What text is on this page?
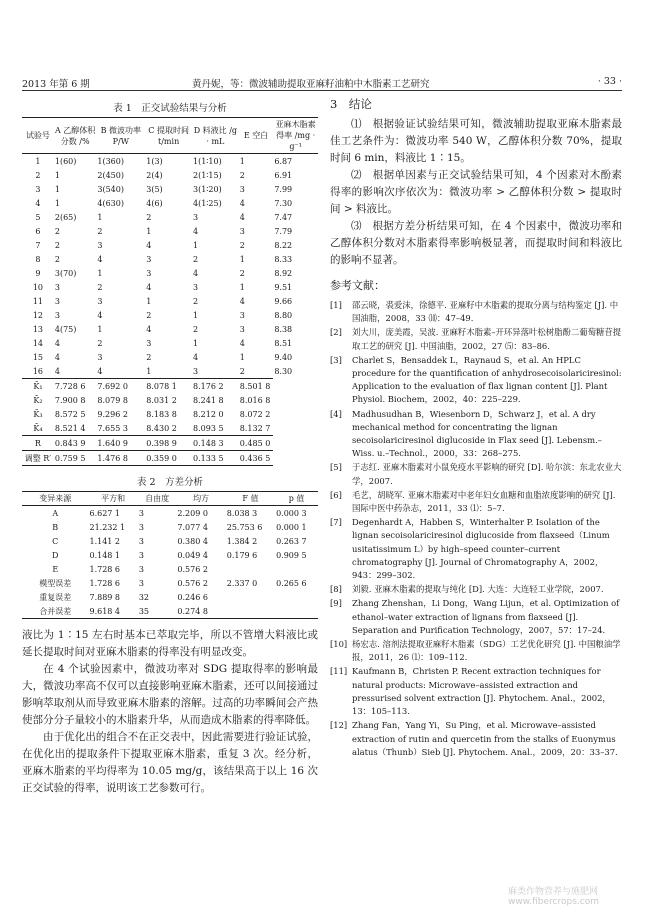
2013 年第 6 期	黄丹妮，等：微波辅助提取亚麻籽油粕中木脂素工艺研究	· 33 ·
表 1　正交试验结果与分析
试验号	A 乙醇体积分数 /%	B 微波功率 P/W	C 提取时间 t/min	D 料液比 /g · mL	E 空白	亚麻木脂素得率 /mg · g⁻¹
1	1(60)	1(360)	1(3)	1(1∶10)	1	6.87
2	1	2(450)	2(4)	2(1∶15)	2	6.91
3	1	3(540)	3(5)	3(1∶20)	3	7.99
4	1	4(630)	4(6)	4(1∶25)	4	7.30
5	2(65)	1	2	3	4	7.47
6	2	2	1	4	3	7.79
7	2	3	4	1	2	8.22
8	2	4	3	2	1	8.33
9	3(70)	1	3	4	2	8.92
10	3	2	4	3	1	9.51
11	3	3	1	2	4	9.66
12	3	4	2	1	3	8.80
13	4(75)	1	4	2	3	8.38
14	4	2	3	1	4	8.51
15	4	3	2	4	1	9.40
16	4	4	1	3	2	8.30
K̄₁	7.728 6	7.692 0	8.078 1	8.176 2	8.501 8	
K̄₂	7.900 8	8.079 8	8.031 2	8.241 8	8.016 8	
K̄₃	8.572 5	9.296 2	8.183 8	8.212 0	8.072 2	
K̄₄	8.521 4	7.655 3	8.430 2	8.093 5	8.132 7	
R	0.843 9	1.640 9	0.398 9	0.148 3	0.485 0	
调整 R′	0.759 5	1.476 8	0.359 0	0.133 5	0.436 5	
表 2　方差分析
变异来源	平方和	自由度	均方	F 值	p 值
A	6.627 1	3	2.209 0	8.038 3	0.000 3
B	21.232 1	3	7.077 4	25.753 6	0.000 1
C	1.141 2	3	0.380 4	1.384 2	0.263 7
D	0.148 1	3	0.049 4	0.179 6	0.909 5
E	1.728 6	3	0.576 2		
模型误差	1.728 6	3	0.576 2	2.337 0	0.265 6
重复误差	7.889 8	32	0.246 6		
合并误差	9.618 4	35	0.274 8		

液比为 1∶15 左右时基本已萃取完毕，所以不管增大料液比或延长提取时间对亚麻木脂素的得率没有明显改变。

在 4 个试验因素中，微波功率对 SDG 提取得率的影响最大，微波功率高不仅可以直接影响亚麻木脂素，还可以间接通过影响萃取剂从而导致亚麻木脂素的溶解。过高的功率瞬间会产热使部分分子量较小的木脂素升华，从而造成木脂素的得率降低。

由于优化出的组合不在正交表中，因此需要进行验证试验，在优化出的提取条件下提取亚麻木脂素，重复 3 次。经分析，亚麻木脂素的平均得率为 10.05 mg/g，该结果高于以上 16 次正交试验的得率，说明该工艺参数可行。

3　结论

⑴　根据验证试验结果可知，微波辅助提取亚麻木脂素最佳工艺条件为：微波功率 540 W，乙醇体积分数 70%，提取时间 6 min，料液比 1∶15。

⑵　根据单因素与正交试验结果可知，4 个因素对木酚素得率的影响次序依次为：微波功率 > 乙醇体积分数 > 提取时间 > 料液比。

⑶　根据方差分析结果可知，在 4 个因素中，微波功率和乙醇体积分数对木脂素得率影响极显著，而提取时间和料液比的影响不显著。

参考文献：
[1]	邵云晓，裘爱沫，徐德平. 亚麻籽中木脂素的提取分离与结构鉴定 [J]. 中国油脂，2008，33 ⑽：47–49.
[2]	刘大川，庞美霞，吴波. 亚麻籽木脂素–开环异落叶松树脂酚二葡萄糖苷提取工艺的研究 [J]. 中国油脂，2002，27 ⑸：83–86.
[3]	Charlet S，Bensaddek L，Raynaud S，et al. An HPLC procedure for the quantification of anhydrosecoisolariciresinol: Application to the evaluation of flax lignan content [J]. Plant Physiol. Biochem，2002，40：225–229.
[4]	Madhusudhan B，Wiesenborn D，Schwarz J，et al. A dry mechanical method for concentrating the lignan secoisolariciresinol diglucoside in Flax seed [J]. Lebensm.–Wiss. u.–Technol.，2000，33：268–275.
[5]	于志红. 亚麻木脂素对小鼠免疫水平影响的研究 [D]. 哈尔滨：东北农业大学，2007.
[6]	毛艺，胡晓军. 亚麻木脂素对中老年妇女血糖和血脂浓度影响的研究 [J]. 国际中医中药杂志，2011，33 ⑴：5–7.
[7]	Degenhardt A，Habben S，Winterhalter P. Isolation of the lignan secoisolariciresinol diglucoside from flaxseed（Linum usitatissimum L）by high–speed counter–current chromatography [J]. Journal of Chromatography A，2002，943：299–302.
[8]	刘毅. 亚麻木脂素的提取与纯化 [D]. 大连：大连轻工业学院，2007.
[9]	Zhang Zhenshan，Li Dong，Wang Lijun，et al. Optimization of ethanol–water extraction of lignans from flaxseed [J]. Separation and Purification Technology，2007，57：17–24.
[10] 杨宏志. 溶剂法提取亚麻籽木脂素（SDG）工艺优化研究 [J]. 中国粮油学报，2011，26 ⑴：109–112.
[11] Kaufmann B，Christen P. Recent extraction techniques for natural products: Microwave–assisted extraction and pressurised solvent extraction [J]. Phytochem. Anal.，2002，13：105–113.
[12] Zhang Fan，Yang Yi，Su Ping，et al. Microwave–assisted extraction of rutin and quercetin from the stalks of Euonymus alatus（Thunb）Sieb [J]. Phytochem. Anal.，2009，20：33–37.
麻类作物营养与施肥网 www.fibercrops.com
